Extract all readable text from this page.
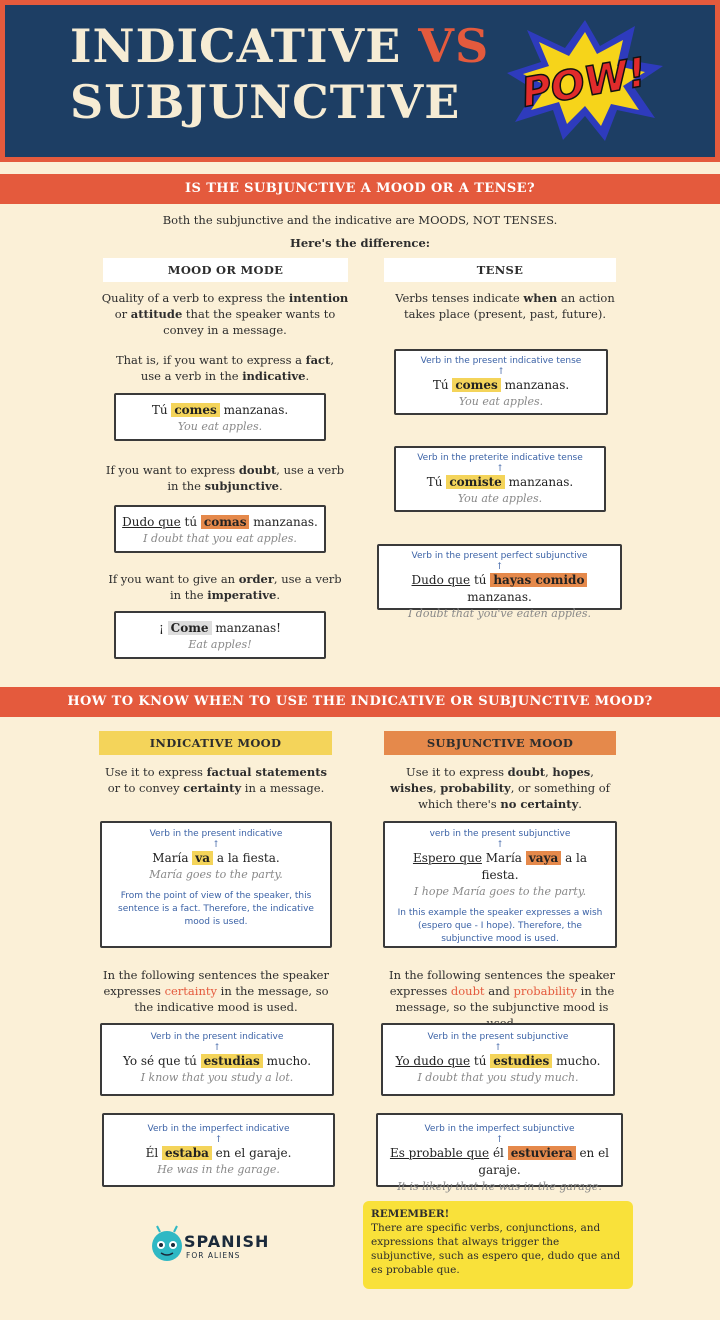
INDICATIVE VS
SUBJUNCTIVE	POW!
IS THE SUBJUNCTIVE A MOOD OR A TENSE?
Both the subjunctive and the indicative are MOODS, NOT TENSES.
Here's the difference:
MOOD OR MODE	TENSE
Quality of a verb to express the intention or attitude that the speaker wants to convey in a message.
That is, if you want to express a fact, use a verb in the indicative.
Tú comes manzanas.
You eat apples.
If you want to express doubt, use a verb in the subjunctive.
Dudo que tú comas manzanas.
I doubt that you eat apples.
If you want to give an order, use a verb in the imperative.
¡ Come manzanas!
Eat apples!
Verbs tenses indicate when an action takes place (present, past, future).
Verb in the present indicative tense
↑
Tú comes manzanas.
You eat apples.
Verb in the preterite indicative tense
↑
Tú comiste manzanas.
You ate apples.
Verb in the present perfect subjunctive
↑
Dudo que tú hayas comido manzanas.
I doubt that you've eaten apples.
HOW TO KNOW WHEN TO USE THE INDICATIVE OR SUBJUNCTIVE MOOD?
INDICATIVE MOOD	SUBJUNCTIVE MOOD
Use it to express factual statements or to convey certainty in a message.
Use it to express doubt, hopes, wishes, probability, or something of which there's no certainty.
Verb in the present indicative
↑
María va a la fiesta.
María goes to the party.
From the point of view of the speaker, this sentence is a fact. Therefore, the indicative mood is used.
verb in the present subjunctive
↑
Espero que María vaya a la fiesta.
I hope María goes to the party.
In this example the speaker expresses a wish (espero que - I hope). Therefore, the subjunctive mood is used.
In the following sentences the speaker expresses certainty in the message, so the indicative mood is used.
In the following sentences the speaker expresses doubt and probability in the message, so the subjunctive mood is
Verb in the present indicative
↑
Yo sé que tú estudias mucho.
I know that you study a lot.
Verb in the present subjunctive
↑
Yo dudo que tú estudies mucho.
I doubt that you study much.
Verb in the imperfect indicative
↑
Él estaba en el garaje.
He was in the garage.
Verb in the imperfect subjunctive
↑
Es probable que él estuviera en el garaje.
It is likely that he was in the garage.
SPANISH
FOR ALIENS
REMEMBER!
There are specific verbs, conjunctions, and expressions that always trigger the subjunctive, such as espero que, dudo que and es probable que.
